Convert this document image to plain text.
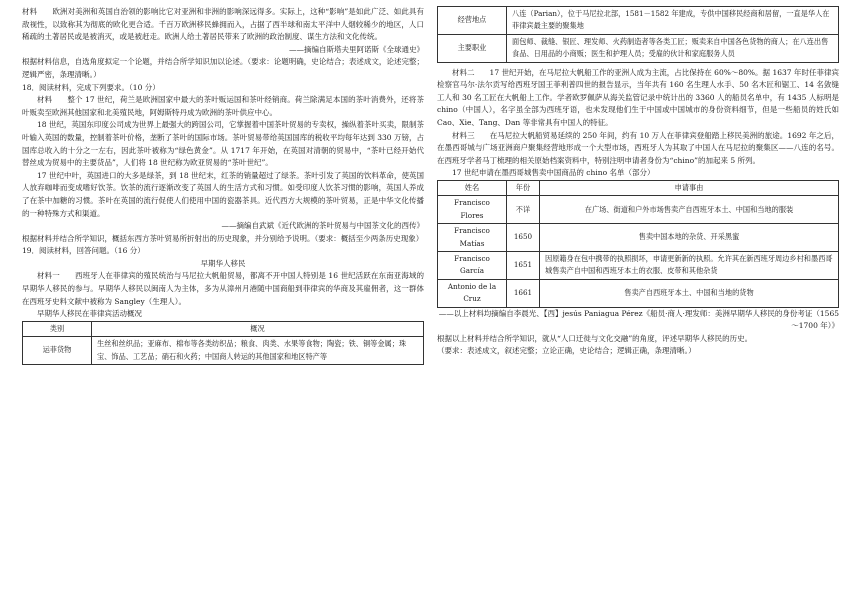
材料　　欧洲对美洲和英国自治领的影响比它对亚洲和非洲的影响深远得多。实际上，这种“影响”是如此广泛、如此具有敌视性，以致称其为彻底的欧化更合适。千百万欧洲移民蜂拥而入，占据了西半球和南太平洋中人烟较稀少的地区，人口稀疏的土著居民或是被消灭，或是被赶走。欧洲人给土著居民带来了欧洲的政治制度、谋生方法和文化传统。

——摘编自斯塔夫里阿诺斯《全球通史》

根据材料信息，自选角度拟定一个论题，并结合所学知识加以论述。（要求：论题明确，史论结合；表述成文，论述完整；逻辑严密，条理清晰。）

18．阅读材料，完成下列要求。（10 分）

材料　　整个 17 世纪，荷兰是欧洲国家中最大的茶叶贩运国和茶叶经销商。荷兰除满足本国的茶叶消费外，还将茶叶贩卖至欧洲其他国家和北美殖民地，阿姆斯特丹成为欧洲的茶叶供应中心。

18 世纪，英国东印度公司成为世界上最强大的跨国公司，它掌握着中国茶叶贸易的专卖权，操纵着茶叶买卖，限制茶叶输入英国的数量，控制着茶叶价格，垄断了茶叶的国际市场。茶叶贸易带给英国国库的税收平均每年达到 330 万镑，占国库总收入的十分之一左右，因此茶叶被称为“绿色黄金”。从 1717 年开始，在英国对清朝的贸易中，“茶叶已经开始代替丝成为贸易中的主要货品”，人们将 18 世纪称为欧亚贸易的“茶叶世纪”。

17 世纪中叶，英国进口的大多是绿茶，到 18 世纪末，红茶的销量超过了绿茶。茶叶引发了英国的饮料革命，使英国人放弃咖啡而变成嗜好饮茶。饮茶的流行逐渐改变了英国人的生活方式和习惯。如受印度人饮茶习惯的影响，英国人养成了在茶中加糖的习惯。茶叶在英国的流行促使人们使用中国的瓷器茶具。近代西方大规模的茶叶贸易，正是中华文化传播的一种特殊方式和渠道。

——摘编自武斌《近代欧洲的茶叶贸易与中国茶文化的西传》

根据材料并结合所学知识，概括东西方茶叶贸易所折射出的历史现象，并分别给予说明。（要求：概括至少两条历史现象）

19．阅读材料，回答问题。（16 分）

早期华人移民

材料一　　西班牙人在菲律宾的殖民统治与马尼拉大帆船贸易，都离不开中国人特别是 16 世纪活跃在东南亚海域的早期华人移民的参与。早期华人移民以闽南人为主体，多为从漳州月港随中国商船到菲律宾的华商及其雇佣者，这一群体在西班牙史料文献中被称为 Sangley（生理人）。

早期华人移民在菲律宾活动概况

类别	概况
运菲货物	生丝和丝织品；亚麻布、棉布等各类纺织品；粮食、肉类、水果等食物；陶瓷；铁、铜等金属；珠宝、饰品、工艺品；硝石和火药；中国商人转运的其他国家和地区特产等
经营地点	八连（Parian），位于马尼拉北部，1581－1582 年建成，专供中国移民经商和居留，一直是华人在菲律宾最主要的聚集地
主要职业	面包师、裁缝、银匠、理发师、火药制造者等各类工匠；贩卖来自中国各色货物的商人；在八连出售食品、日用品的小商贩；医生和护理人员；受雇的伙计和家庭服务人员

材料二　　17 世纪开始，在马尼拉大帆船工作的亚洲人成为主流，占比保持在 60%～80%。据 1637 年时任菲律宾检察官马尔·法尔贡写给西班牙国王菲利普四世的报告显示，当年共有 160 名生理人水手、50 名木匠和锯工、14 名敛缝工人和 30 名工匠在大帆船上工作。学者欧罗佩萨从海关监管记录中统计出的 3360 人的船员名单中，有 1435 人标明是 chino（中国人），名字虽全部为西班牙语，也未发现他们生于中国或中国城市的身份资料细节，但是一些船员的姓氏如 Cao、Xie、Tang、Dan 等非常具有中国人的特征。

材料三　　在马尼拉大帆船贸易延续的 250 年间，约有 10 万人在菲律宾登船踏上移民美洲的旅途。1692 年之后，在墨西哥城与广场亚洲商户聚集经营地形成一个大型市场，西班牙人为其取了中国人在马尼拉的聚集区——八连的名号。在西班牙学者马丁梳理的相关原始档案资料中，特别注明申请者身份为“chino”的加起来 5 所列。

17 世纪申请在墨西哥城售卖中国商品的 chino 名单（部分）

姓名	年份	申请事由
Francisco Flores	不详	在广场、街道和户外市场售卖产自西班牙本土、中国和当地的服装
Francisco Matías	1650	售卖中国本地的杂货、开采黑蜜
Francisco García	1651	因原籍身在包中携带的执照损坏，申请更新新的执照。允许其在新西班牙周边乡村和墨西哥城售卖产自中国和西班牙本土的衣服、皮带和其他杂货
Antonio de la Cruz	1661	售卖产自西班牙本土、中国和当地的货物

——以上材料均摘编自李晨光、【西】jesús Paniagua Pérez《船员·商人·理发师：美洲早期华人移民的身份考证（1565～1700 年）》

根据以上材料并结合所学知识，就从“人口迁徙与文化交融”的角度，评述早期华人移民的历史。

（要求：表述成文，叙述完整；立论正确，史论结合；逻辑正确，条理清晰。）
